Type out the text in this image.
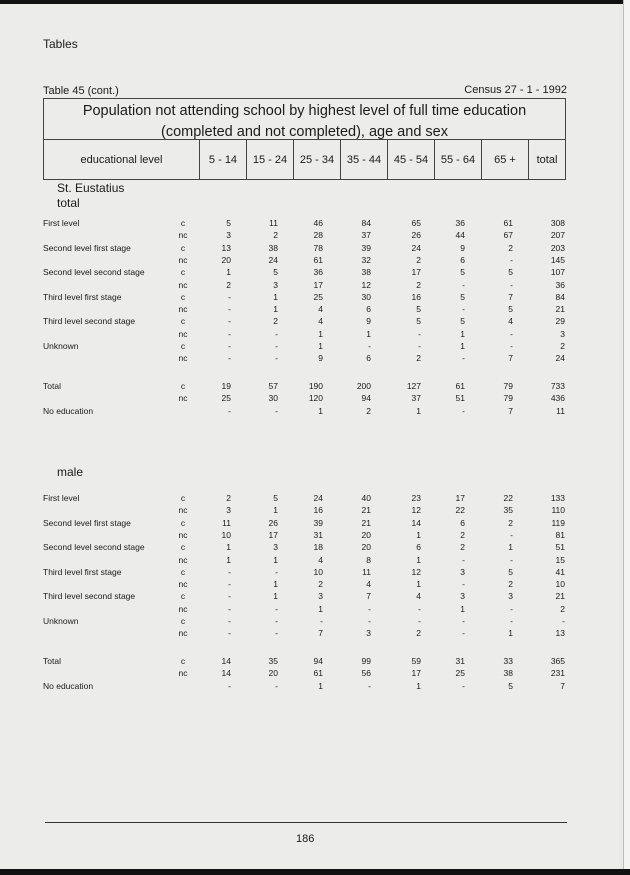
Tables
Table 45 (cont.)	Census 27 - 1 - 1992
Population not attending school by highest level of full time education
(completed and not completed), age and sex
educational level	5 - 14	15 - 24	25 - 34	35 - 44	45 - 54	55 - 64	65 +	total
St. Eustatius
total
First level	c	5	11	46	84	65	36	61	308
nc	3	2	28	37	26	44	67	207
Second level first stage	c	13	38	78	39	24	9	2	203
nc	20	24	61	32	2	6	-	145
Second level second stage	c	1	5	36	38	17	5	5	107
nc	2	3	17	12	2	-	-	36
Third level first stage	c	-	1	25	30	16	5	7	84
nc	-	1	4	6	5	-	5	21
Third level second stage	c	-	2	4	9	5	5	4	29
nc	-	-	1	1	-	1	-	3
Unknown	c	-	-	1	-	-	1	-	2
nc	-	-	9	6	2	-	7	24
Total	c	19	57	190	200	127	61	79	733
nc	25	30	120	94	37	51	79	436
No education	-	-	1	2	1	-	7	11
male
First level	c	2	5	24	40	23	17	22	133
nc	3	1	16	21	12	22	35	110
Second level first stage	c	11	26	39	21	14	6	2	119
nc	10	17	31	20	1	2	-	81
Second level second stage	c	1	3	18	20	6	2	1	51
nc	1	1	4	8	1	-	-	15
Third level first stage	c	-	-	10	11	12	3	5	41
nc	-	1	2	4	1	-	2	10
Third level second stage	c	-	1	3	7	4	3	3	21
nc	-	-	1	-	-	1	-	2
Unknown	c	-	-	-	-	-	-	-	-
nc	-	-	7	3	2	-	1	13
Total	c	14	35	94	99	59	31	33	365
nc	14	20	61	56	17	25	38	231
No education	-	-	1	-	1	-	5	7
186
